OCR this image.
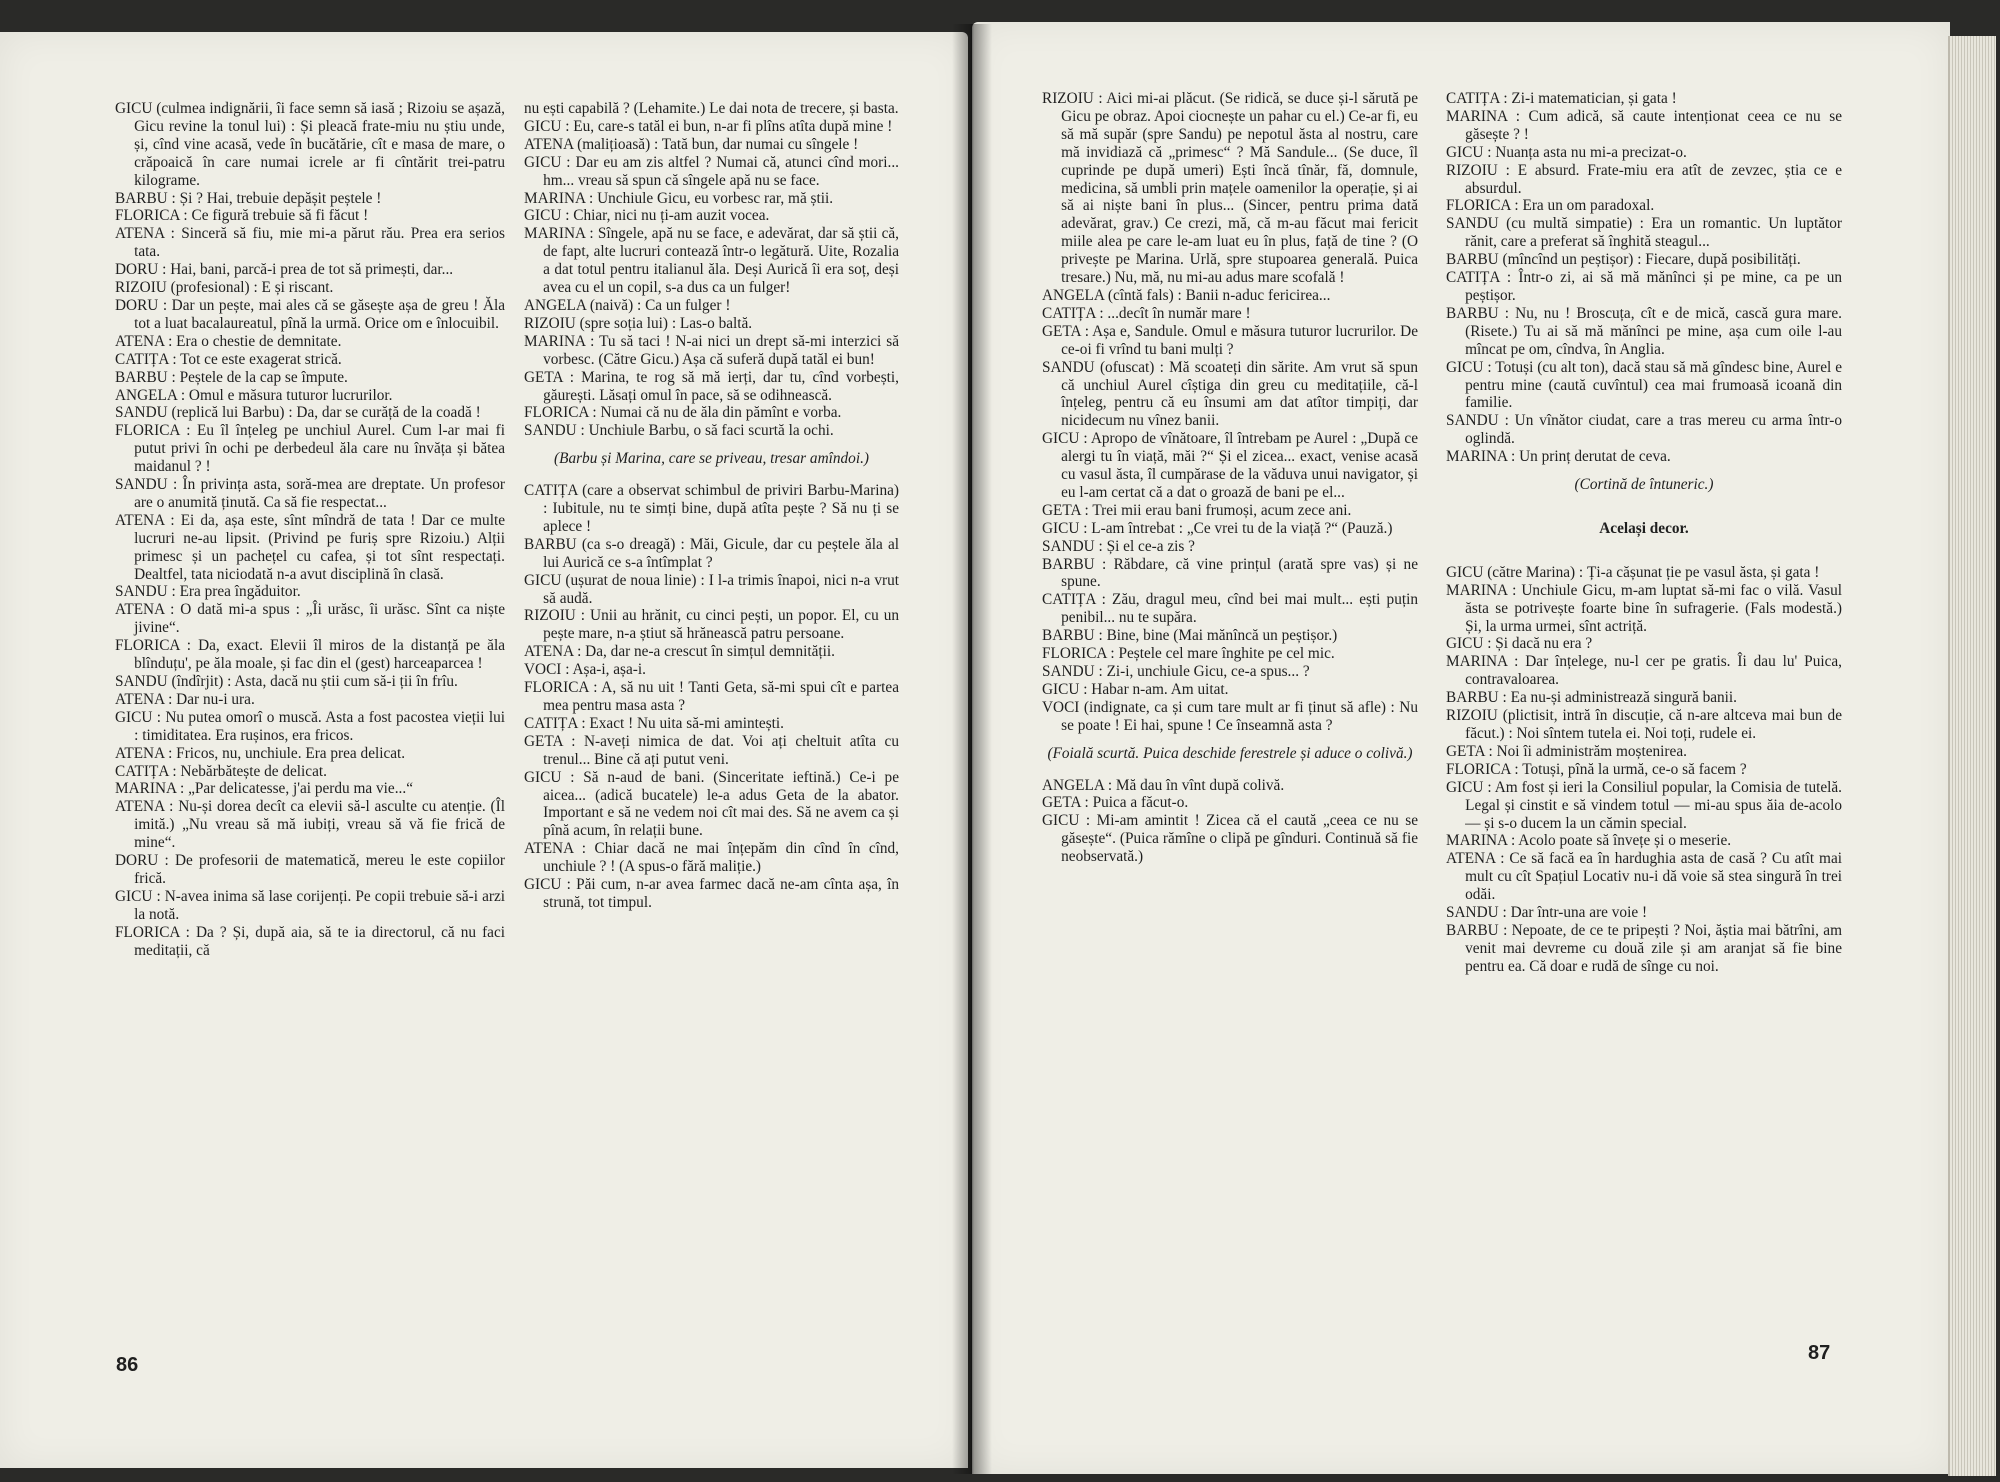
GICU (culmea indignării, îi face semn să iasă ; Rizoiu se așază, Gicu revine la tonul lui) : Și pleacă frate-miu nu știu unde, și, cînd vine acasă, vede în bucătărie, cît e masa de mare, o crăpoaică în care numai icrele ar fi cîntărit trei-patru kilograme.

BARBU : Și ? Hai, trebuie depășit peștele !

FLORICA : Ce figură trebuie să fi făcut !

ATENA : Sinceră să fiu, mie mi-a părut rău. Prea era serios tata.

DORU : Hai, bani, parcă-i prea de tot să primești, dar...

RIZOIU (profesional) : E și riscant.

DORU : Dar un pește, mai ales că se găsește așa de greu ! Ăla tot a luat bacalaureatul, pînă la urmă. Orice om e înlocuibil.

ATENA : Era o chestie de demnitate.

CATIȚA : Tot ce este exagerat strică.

BARBU : Peștele de la cap se împute.

ANGELA : Omul e măsura tuturor lucrurilor.

SANDU (replică lui Barbu) : Da, dar se curăță de la coadă !

FLORICA : Eu îl înțeleg pe unchiul Aurel. Cum l-ar mai fi putut privi în ochi pe derbedeul ăla care nu învăța și bătea maidanul ? !

SANDU : În privința asta, soră-mea are dreptate. Un profesor are o anumită ținută. Ca să fie respectat...

ATENA : Ei da, așa este, sînt mîndră de tata ! Dar ce multe lucruri ne-au lipsit. (Privind pe furiș spre Rizoiu.) Alții primesc și un pachețel cu cafea, și tot sînt respectați. Dealtfel, tata niciodată n-a avut disciplină în clasă.

SANDU : Era prea îngăduitor.

ATENA : O dată mi-a spus : „Îi urăsc, îi urăsc. Sînt ca niște jivine“.

FLORICA : Da, exact. Elevii îl miros de la distanță pe ăla blînduțu', pe ăla moale, și fac din el (gest) harceaparcea !

SANDU (îndîrjit) : Asta, dacă nu știi cum să-i ții în frîu.

ATENA : Dar nu-i ura.

GICU : Nu putea omorî o muscă. Asta a fost pacostea vieții lui : timiditatea. Era rușinos, era fricos.

ATENA : Fricos, nu, unchiule. Era prea delicat.

CATIȚA : Nebărbătește de delicat.

MARINA : „Par delicatesse, j'ai perdu ma vie...“

ATENA : Nu-și dorea decît ca elevii să-l asculte cu atenție. (Îl imită.) „Nu vreau să mă iubiți, vreau să vă fie frică de mine“.

DORU : De profesorii de matematică, mereu le este copiilor frică.

GICU : N-avea inima să lase corijenți. Pe copii trebuie să-i arzi la notă.

FLORICA : Da ? Și, după aia, să te ia directorul, că nu faci meditații, că

nu ești capabilă ? (Lehamite.) Le dai nota de trecere, și basta.

GICU : Eu, care-s tatăl ei bun, n-ar fi plîns atîta după mine !

ATENA (malițioasă) : Tată bun, dar numai cu sîngele !

GICU : Dar eu am zis altfel ? Numai că, atunci cînd mori... hm... vreau să spun că sîngele apă nu se face.

MARINA : Unchiule Gicu, eu vorbesc rar, mă știi.

GICU : Chiar, nici nu ți-am auzit vocea.

MARINA : Sîngele, apă nu se face, e adevărat, dar să știi că, de fapt, alte lucruri contează într-o legătură. Uite, Rozalia a dat totul pentru italianul ăla. Deși Aurică îi era soț, deși avea cu el un copil, s-a dus ca un fulger!

ANGELA (naivă) : Ca un fulger !

RIZOIU (spre soția lui) : Las-o baltă.

MARINA : Tu să taci ! N-ai nici un drept să-mi interzici să vorbesc. (Către Gicu.) Așa că suferă după tatăl ei bun!

GETA : Marina, te rog să mă ierți, dar tu, cînd vorbești, găurești. Lăsați omul în pace, să se odihnească.

FLORICA : Numai că nu de ăla din pămînt e vorba.

SANDU : Unchiule Barbu, o să faci scurtă la ochi.

(Barbu și Marina, care se priveau, tresar amîndoi.)

CATIȚA (care a observat schimbul de priviri Barbu-Marina) : Iubitule, nu te simți bine, după atîta pește ? Să nu ți se aplece !

BARBU (ca s-o dreagă) : Măi, Gicule, dar cu peștele ăla al lui Aurică ce s-a întîmplat ?

GICU (ușurat de noua linie) : I l-a trimis înapoi, nici n-a vrut să audă.

RIZOIU : Unii au hrănit, cu cinci pești, un popor. El, cu un pește mare, n-a știut să hrănească patru persoane.

ATENA : Da, dar ne-a crescut în simțul demnității.

VOCI : Așa-i, așa-i.

FLORICA : A, să nu uit ! Tanti Geta, să-mi spui cît e partea mea pentru masa asta ?

CATIȚA : Exact ! Nu uita să-mi amintești.

GETA : N-aveți nimica de dat. Voi ați cheltuit atîta cu trenul... Bine că ați putut veni.

GICU : Să n-aud de bani. (Sinceritate ieftină.) Ce-i pe aicea... (adică bucatele) le-a adus Geta de la abator. Important e să ne vedem noi cît mai des. Să ne avem ca și pînă acum, în relații bune.

ATENA : Chiar dacă ne mai înțepăm din cînd în cînd, unchiule ? ! (A spus-o fără maliție.)

GICU : Păi cum, n-ar avea farmec dacă ne-am cînta așa, în strună, tot timpul.

86

RIZOIU : Aici mi-ai plăcut. (Se ridică, se duce și-l sărută pe Gicu pe obraz. Apoi ciocnește un pahar cu el.) Ce-ar fi, eu să mă supăr (spre Sandu) pe nepotul ăsta al nostru, care mă invidiază că „primesc“ ? Mă Sandule... (Se duce, îl cuprinde pe după umeri) Ești încă tînăr, fă, domnule, medicina, să umbli prin mațele oamenilor la operație, și ai să ai niște bani în plus... (Sincer, pentru prima dată adevărat, grav.) Ce crezi, mă, că m-au făcut mai fericit miile alea pe care le-am luat eu în plus, față de tine ? (O privește pe Marina. Urlă, spre stupoarea generală. Puica tresare.) Nu, mă, nu mi-au adus mare scofală !

ANGELA (cîntă fals) : Banii n-aduc fericirea...

CATIȚA : ...decît în număr mare !

GETA : Așa e, Sandule. Omul e măsura tuturor lucrurilor. De ce-oi fi vrînd tu bani mulți ?

SANDU (ofuscat) : Mă scoateți din sărite. Am vrut să spun că unchiul Aurel cîștiga din greu cu meditațiile, că-l înțeleg, pentru că eu însumi am dat atîtor timpiți, dar nicidecum nu vînez banii.

GICU : Apropo de vînătoare, îl întrebam pe Aurel : „După ce alergi tu în viață, măi ?“ Și el zicea... exact, venise acasă cu vasul ăsta, îl cumpărase de la văduva unui navigator, și eu l-am certat că a dat o groază de bani pe el...

GETA : Trei mii erau bani frumoși, acum zece ani.

GICU : L-am întrebat : „Ce vrei tu de la viață ?“ (Pauză.)

SANDU : Și el ce-a zis ?

BARBU : Răbdare, că vine prințul (arată spre vas) și ne spune.

CATIȚA : Zău, dragul meu, cînd bei mai mult... ești puțin penibil... nu te supăra.

BARBU : Bine, bine (Mai mănîncă un peștișor.)

FLORICA : Peștele cel mare înghite pe cel mic.

SANDU : Zi-i, unchiule Gicu, ce-a spus... ?

GICU : Habar n-am. Am uitat.

VOCI (indignate, ca și cum tare mult ar fi ținut să afle) : Nu se poate ! Ei hai, spune ! Ce înseamnă asta ?

(Foială scurtă. Puica deschide ferestrele și aduce o colivă.)

ANGELA : Mă dau în vînt după colivă.

GETA : Puica a făcut-o.

GICU : Mi-am amintit ! Zicea că el caută „ceea ce nu se găsește“. (Puica rămîne o clipă pe gînduri. Continuă să fie neobservată.)

CATIȚA : Zi-i matematician, și gata !

MARINA : Cum adică, să caute intenționat ceea ce nu se găsește ? !

GICU : Nuanța asta nu mi-a precizat-o.

RIZOIU : E absurd. Frate-miu era atît de zevzec, știa ce e absurdul.

FLORICA : Era un om paradoxal.

SANDU (cu multă simpatie) : Era un romantic. Un luptător rănit, care a preferat să înghită steagul...

BARBU (mîncînd un peștișor) : Fiecare, după posibilități.

CATIȚA : Într-o zi, ai să mă mănînci și pe mine, ca pe un peștișor.

BARBU : Nu, nu ! Broscuța, cît e de mică, cască gura mare. (Risete.) Tu ai să mă mănînci pe mine, așa cum oile l-au mîncat pe om, cîndva, în Anglia.

GICU : Totuși (cu alt ton), dacă stau să mă gîndesc bine, Aurel e pentru mine (caută cuvîntul) cea mai frumoasă icoană din familie.

SANDU : Un vînător ciudat, care a tras mereu cu arma într-o oglindă.

MARINA : Un prinț derutat de ceva.

(Cortină de întuneric.)

Același decor.

GICU (către Marina) : Ți-a cășunat ție pe vasul ăsta, și gata !

MARINA : Unchiule Gicu, m-am luptat să-mi fac o vilă. Vasul ăsta se potrivește foarte bine în sufragerie. (Fals modestă.) Și, la urma urmei, sînt actriță.

GICU : Și dacă nu era ?

MARINA : Dar înțelege, nu-l cer pe gratis. Îi dau lu' Puica, contravaloarea.

BARBU : Ea nu-și administrează singură banii.

RIZOIU (plictisit, intră în discuție, că n-are altceva mai bun de făcut.) : Noi sîntem tutela ei. Noi toți, rudele ei.

GETA : Noi îi administrăm moștenirea.

FLORICA : Totuși, pînă la urmă, ce-o să facem ?

GICU : Am fost și ieri la Consiliul popular, la Comisia de tutelă. Legal și cinstit e să vindem totul — mi-au spus ăia de-acolo — și s-o ducem la un cămin special.

MARINA : Acolo poate să învețe și o meserie.

ATENA : Ce să facă ea în hardughia asta de casă ? Cu atît mai mult cu cît Spațiul Locativ nu-i dă voie să stea singură în trei odăi.

SANDU : Dar într-una are voie !

BARBU : Nepoate, de ce te pripești ? Noi, ăștia mai bătrîni, am venit mai devreme cu două zile și am aranjat să fie bine pentru ea. Că doar e rudă de sînge cu noi.

87
